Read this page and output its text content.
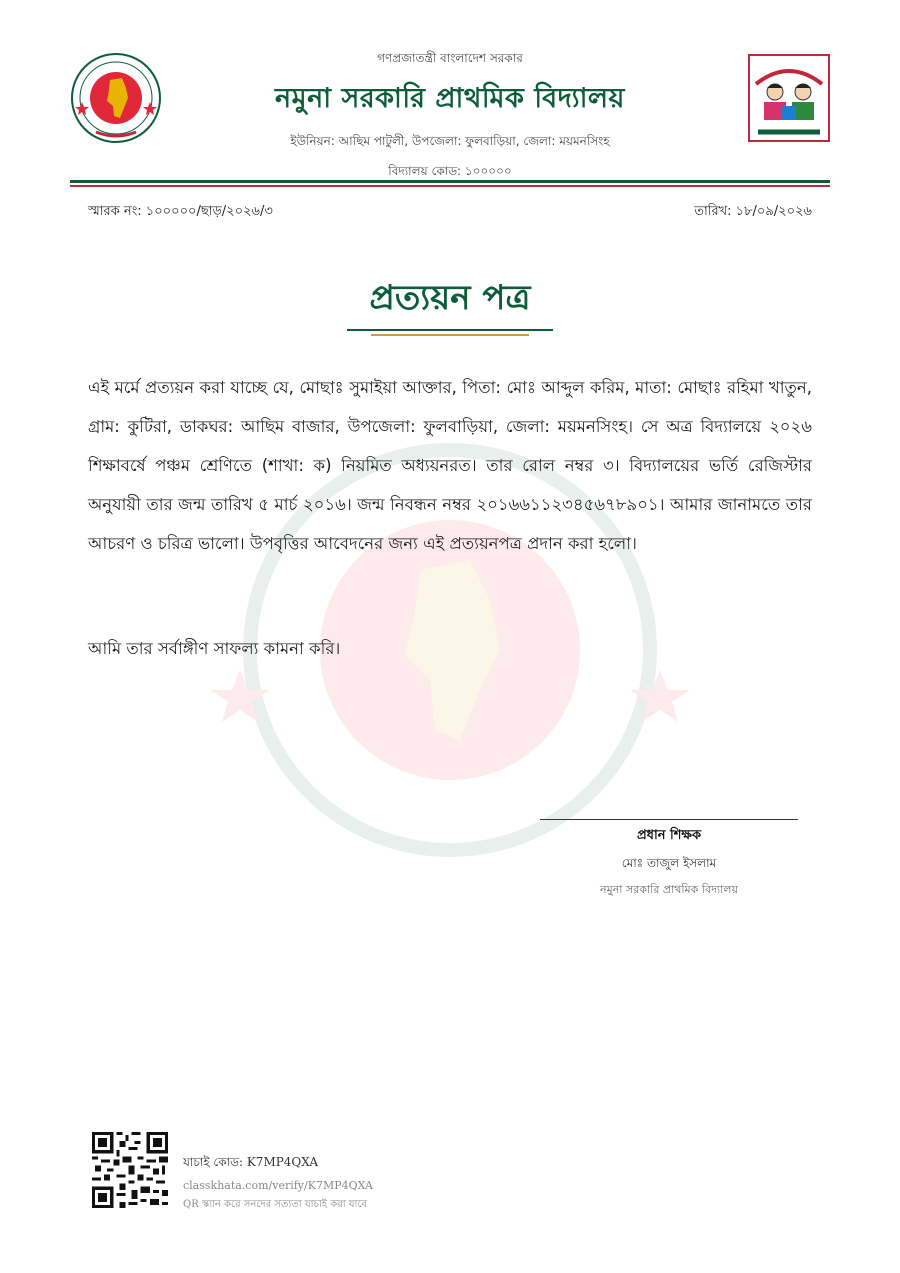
গণপ্রজাতন্ত্রী বাংলাদেশ সরকার
নমুনা সরকারি প্রাথমিক বিদ্যালয়
ইউনিয়ন: আছিম পাটুলী, উপজেলা: ফুলবাড়িয়া, জেলা: ময়মনসিংহ
বিদ্যালয় কোড: ১০০০০০
স্মারক নং: ১০০০০০/ছাড়/২০২৬/৩	তারিখ: ১৮/০৯/২০২৬
প্রত্যয়ন পত্র
এই মর্মে প্রত্যয়ন করা যাচ্ছে যে, মোছাঃ সুমাইয়া আক্তার, পিতা: মোঃ আব্দুল করিম, মাতা: মোছাঃ রহিমা খাতুন, গ্রাম: কুটিরা, ডাকঘর: আছিম বাজার, উপজেলা: ফুলবাড়িয়া, জেলা: ময়মনসিংহ। সে অত্র বিদ্যালয়ে ২০২৬ শিক্ষাবর্ষে পঞ্চম শ্রেণিতে (শাখা: ক) নিয়মিত অধ্যয়নরত। তার রোল নম্বর ৩। বিদ্যালয়ের ভর্তি রেজিস্টার অনুযায়ী তার জন্ম তারিখ ৫ মার্চ ২০১৬। জন্ম নিবন্ধন নম্বর ২০১৬৬১১২৩৪৫৬৭৮৯০১। আমার জানামতে তার আচরণ ও চরিত্র ভালো। উপবৃত্তির আবেদনের জন্য এই প্রত্যয়নপত্র প্রদান করা হলো।
আমি তার সর্বাঙ্গীণ সাফল্য কামনা করি।
প্রধান শিক্ষক
মোঃ তাজুল ইসলাম
নমুনা সরকারি প্রাথমিক বিদ্যালয়
যাচাই কোড: K7MP4QXA
classkhata.com/verify/K7MP4QXA
QR স্ক্যান করে সনদের সত্যতা যাচাই করা যাবে
